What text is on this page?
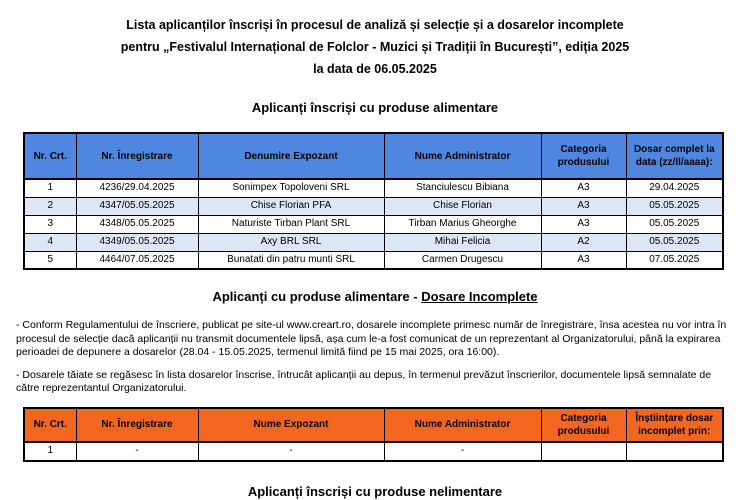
Lista aplicanților înscriși în procesul de analiză și selecție și a dosarelor incomplete
pentru „Festivalul Internațional de Folclor - Muzici și Tradiții în București”, ediția 2025
la data de 06.05.2025
Aplicanți înscriși cu produse alimentare
Nr. Crt.	Nr. Înregistrare	Denumire Expozant	Nume Administrator	Categoria produsului	Dosar complet la data (zz/ll/aaaa):
1	4236/29.04.2025	Sonimpex Topoloveni SRL	Stanciulescu Bibiana	A3	29.04.2025
2	4347/05.05.2025	Chise Florian PFA	Chise Florian	A3	05.05.2025
3	4348/05.05.2025	Naturiste Tirban Plant SRL	Tirban Marius Gheorghe	A3	05.05.2025
4	4349/05.05.2025	Axy BRL SRL	Mihai Felicia	A2	05.05.2025
5	4464/07.05.2025	Bunatati din patru munti SRL	Carmen Drugescu	A3	07.05.2025
Aplicanți cu produse alimentare - Dosare Incomplete
- Conform Regulamentului de înscriere, publicat pe site-ul www.creart.ro, dosarele incomplete primesc număr de înregistrare, însa acestea nu vor intra în procesul de selecție dacă aplicanții nu transmit documentele lipsă, așa cum le-a fost comunicat de un reprezentant al Organizatorului, până la expirarea perioadei de depunere a dosarelor (28.04 - 15.05.2025, termenul limită fiind pe 15 mai 2025, ora 16:00).
- Dosarele tăiate se regăsesc în lista dosarelor înscrise, întrucât aplicanții au depus, în termenul prevăzut înscrierilor, documentele lipsă semnalate de către reprezentantul Organizatorului.
Nr. Crt.	Nr. Înregistrare	Nume Expozant	Nume Administrator	Categoria produsului	Înștiințare dosar incomplet prin:
1	-	-	-		
Aplicanți înscriși cu produse nelimentare
